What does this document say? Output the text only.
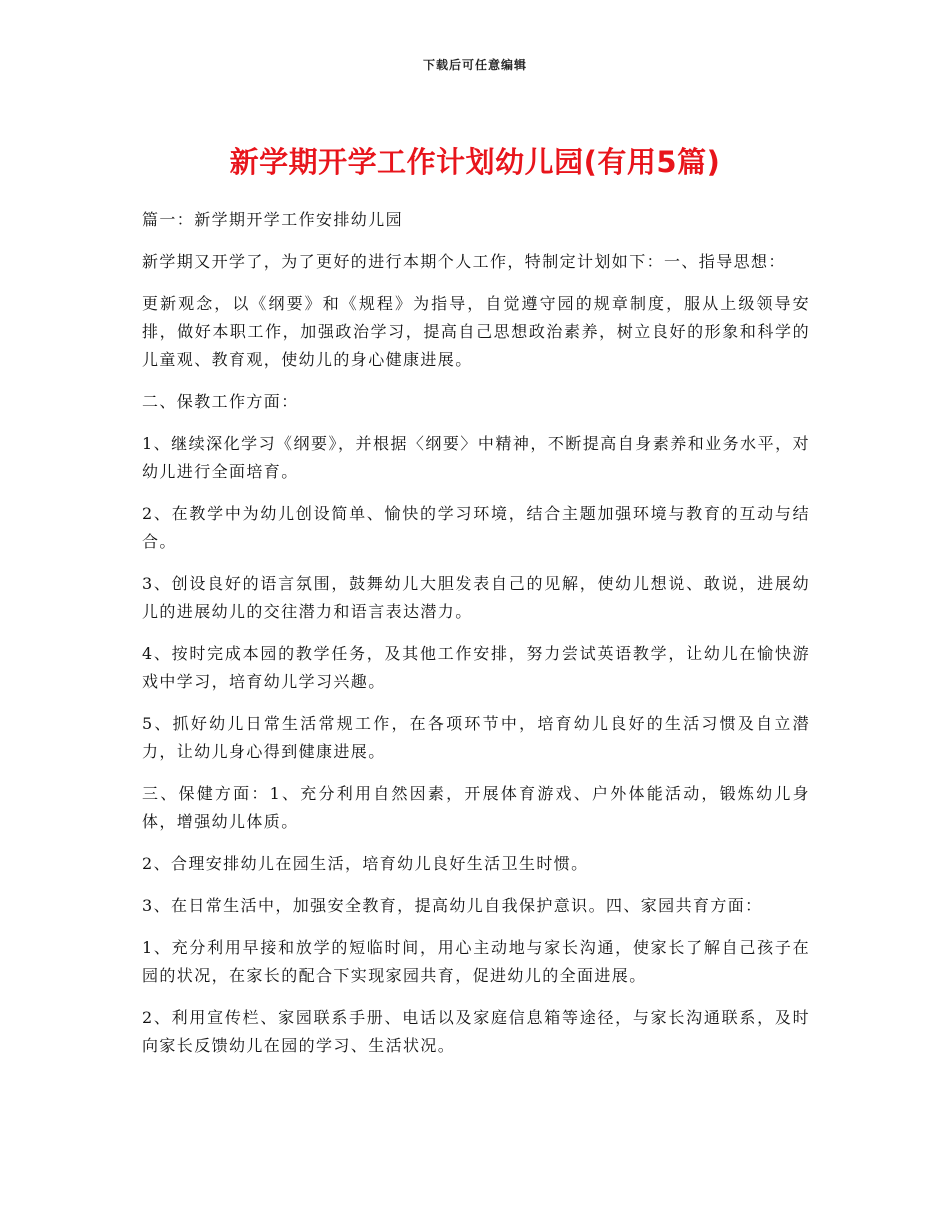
下载后可任意编辑
新学期开学工作计划幼儿园(有用5篇)

篇一：新学期开学工作安排幼儿园

新学期又开学了，为了更好的进行本期个人工作，特制定计划如下：一、指导思想：

更新观念，以《纲要》和《规程》为指导，自觉遵守园的规章制度，服从上级领导安排，做好本职工作，加强政治学习，提高自己思想政治素养，树立良好的形象和科学的儿童观、教育观，使幼儿的身心健康进展。

二、保教工作方面：

1、继续深化学习《纲要》，并根据〈纲要〉中精神，不断提高自身素养和业务水平，对幼儿进行全面培育。

2、在教学中为幼儿创设简单、愉快的学习环境，结合主题加强环境与教育的互动与结合。

3、创设良好的语言氛围，鼓舞幼儿大胆发表自己的见解，使幼儿想说、敢说，进展幼儿的进展幼儿的交往潜力和语言表达潜力。

4、按时完成本园的教学任务，及其他工作安排，努力尝试英语教学，让幼儿在愉快游戏中学习，培育幼儿学习兴趣。

5、抓好幼儿日常生活常规工作，在各项环节中，培育幼儿良好的生活习惯及自立潜力，让幼儿身心得到健康进展。

三、保健方面：1、充分利用自然因素，开展体育游戏、户外体能活动，锻炼幼儿身体，增强幼儿体质。

2、合理安排幼儿在园生活，培育幼儿良好生活卫生时惯。

3、在日常生活中，加强安全教育，提高幼儿自我保护意识。四、家园共育方面：

1、充分利用早接和放学的短临时间，用心主动地与家长沟通，使家长了解自己孩子在园的状况，在家长的配合下实现家园共育，促进幼儿的全面进展。

2、利用宣传栏、家园联系手册、电话以及家庭信息箱等途径，与家长沟通联系，及时向家长反馈幼儿在园的学习、生活状况。
